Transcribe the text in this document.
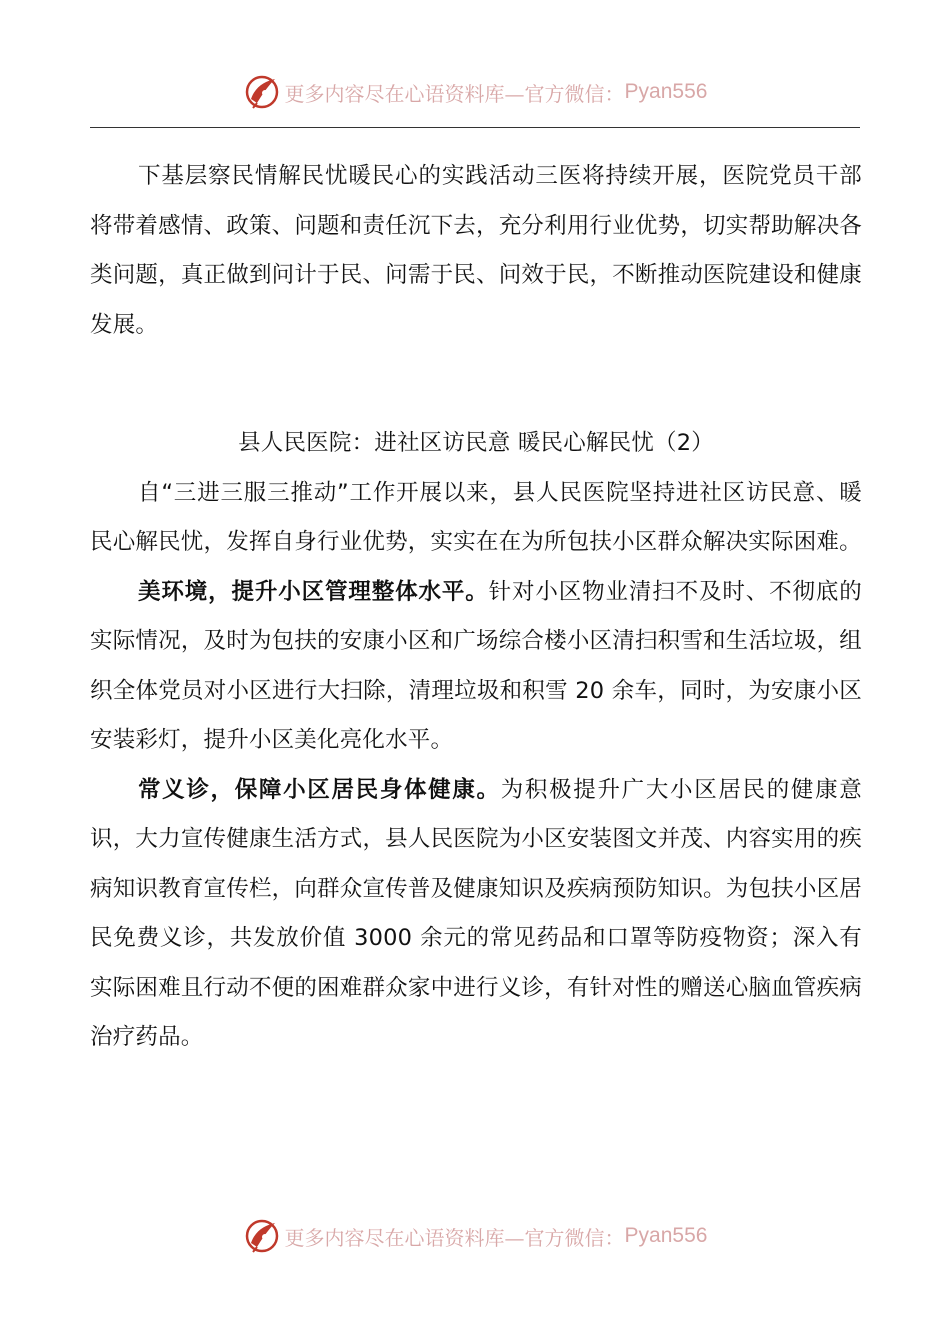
更多内容尽在心语资料库—官方微信： Pyan556

下基层察民情解民忧暖民心的实践活动三医将持续开展，医院党员干部将带着感情、政策、问题和责任沉下去，充分利用行业优势，切实帮助解决各类问题，真正做到问计于民、问需于民、问效于民，不断推动医院建设和健康发展。

县人民医院：进社区访民意 暖民心解民忧（2）

自“三进三服三推动”工作开展以来，县人民医院坚持进社区访民意、暖民心解民忧，发挥自身行业优势，实实在在为所包扶小区群众解决实际困难。

美环境，提升小区管理整体水平。针对小区物业清扫不及时、不彻底的实际情况，及时为包扶的安康小区和广场综合楼小区清扫积雪和生活垃圾，组织全体党员对小区进行大扫除，清理垃圾和积雪 20 余车，同时，为安康小区安装彩灯，提升小区美化亮化水平。

常义诊，保障小区居民身体健康。为积极提升广大小区居民的健康意识，大力宣传健康生活方式，县人民医院为小区安装图文并茂、内容实用的疾病知识教育宣传栏，向群众宣传普及健康知识及疾病预防知识。为包扶小区居民免费义诊，共发放价值 3000 余元的常见药品和口罩等防疫物资；深入有实际困难且行动不便的困难群众家中进行义诊，有针对性的赠送心脑血管疾病治疗药品。

更多内容尽在心语资料库—官方微信： Pyan556
